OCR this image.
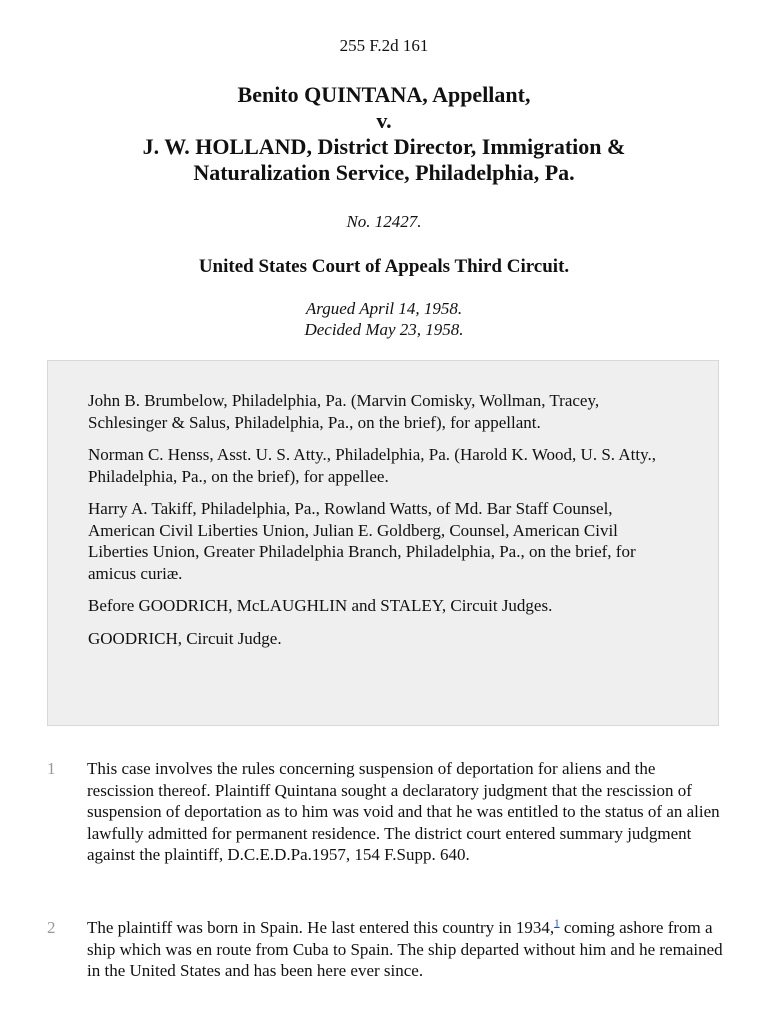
255 F.2d 161
Benito QUINTANA, Appellant,
v.
J. W. HOLLAND, District Director, Immigration &
Naturalization Service, Philadelphia, Pa.
No. 12427.
United States Court of Appeals Third Circuit.
Argued April 14, 1958.
Decided May 23, 1958.

John B. Brumbelow, Philadelphia, Pa. (Marvin Comisky, Wollman, Tracey, Schlesinger & Salus, Philadelphia, Pa., on the brief), for appellant.

Norman C. Henss, Asst. U. S. Atty., Philadelphia, Pa. (Harold K. Wood, U. S. Atty., Philadelphia, Pa., on the brief), for appellee.

Harry A. Takiff, Philadelphia, Pa., Rowland Watts, of Md. Bar Staff Counsel, American Civil Liberties Union, Julian E. Goldberg, Counsel, American Civil Liberties Union, Greater Philadelphia Branch, Philadelphia, Pa., on the brief, for amicus curiæ.

Before GOODRICH, McLAUGHLIN and STALEY, Circuit Judges.

GOODRICH, Circuit Judge.

1 This case involves the rules concerning suspension of deportation for aliens and the rescission thereof. Plaintiff Quintana sought a declaratory judgment that the rescission of suspension of deportation as to him was void and that he was entitled to the status of an alien lawfully admitted for permanent residence. The district court entered summary judgment against the plaintiff, D.C.E.D.Pa.1957, 154 F.Supp. 640.
2 The plaintiff was born in Spain. He last entered this country in 1934,$^1$ coming ashore from a ship which was en route from Cuba to Spain. The ship departed without him and he remained in the United States and has been here ever since.
